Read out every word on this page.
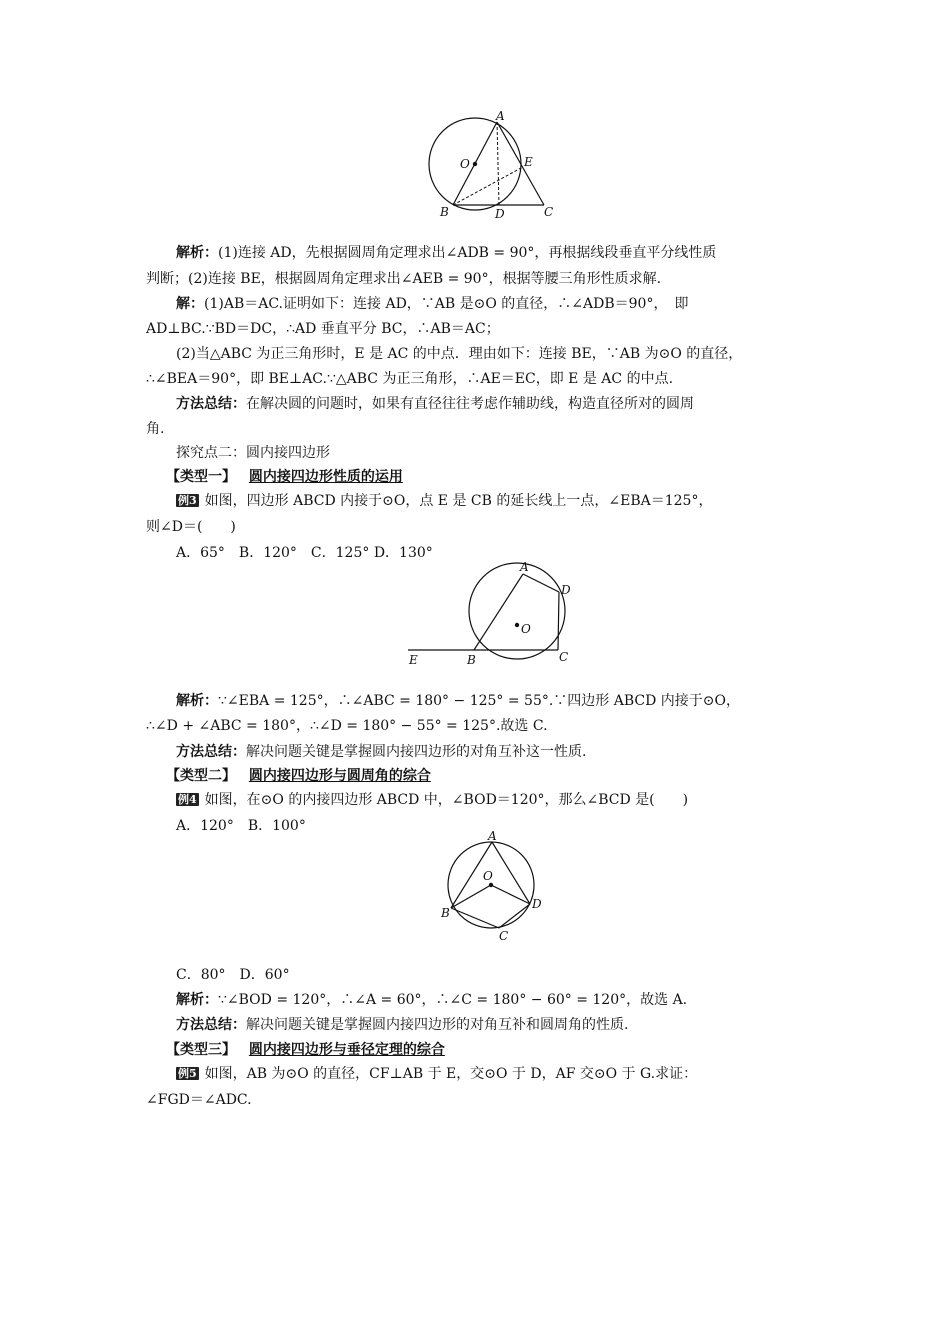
A
O	E
B	D	C
解析：(1)连接 AD，先根据圆周角定理求出∠ADB = 90°，再根据线段垂直平分线性质
判断；(2)连接 BE，根据圆周角定理求出∠AEB = 90°，根据等腰三角形性质求解.
解：(1)AB＝AC.证明如下：连接 AD，∵AB 是⊙O 的直径，∴∠ADB＝90°，　即
AD⊥BC.∵BD＝DC，∴AD 垂直平分 BC，∴AB＝AC；
(2)当△ABC 为正三角形时，E 是 AC 的中点．理由如下：连接 BE，∵AB 为⊙O 的直径，
∴∠BEA＝90°，即 BE⊥AC.∵△ABC 为正三角形，∴AE＝EC，即 E 是 AC 的中点.
方法总结：在解决圆的问题时，如果有直径往往考虑作辅助线，构造直径所对的圆周
角.
探究点二：圆内接四边形
【类型一】 圆内接四边形性质的运用
例3 如图，四边形 ABCD 内接于⊙O，点 E 是 CB 的延长线上一点，∠EBA＝125°，
则∠D＝(　　)
A．65°　B．120°　C．125° D．130°
A
D
O
E	B	C
解析：∵∠EBA = 125°，∴∠ABC = 180° − 125° = 55°.∵四边形 ABCD 内接于⊙O，
∴∠D + ∠ABC = 180°，∴∠D = 180° − 55° = 125°.故选 C.
方法总结：解决问题关键是掌握圆内接四边形的对角互补这一性质.
【类型二】 圆内接四边形与圆周角的综合
例4 如图，在⊙O 的内接四边形 ABCD 中，∠BOD＝120°，那么∠BCD 是(　　)
A．120°　B．100°
A
O
B
D
C
C．80°　D．60°
解析：∵∠BOD = 120°，∴∠A = 60°，∴∠C = 180° − 60° = 120°，故选 A.
方法总结：解决问题关键是掌握圆内接四边形的对角互补和圆周角的性质.
【类型三】 圆内接四边形与垂径定理的综合
例5 如图，AB 为⊙O 的直径，CF⊥AB 于 E，交⊙O 于 D，AF 交⊙O 于 G.求证：
∠FGD＝∠ADC.
